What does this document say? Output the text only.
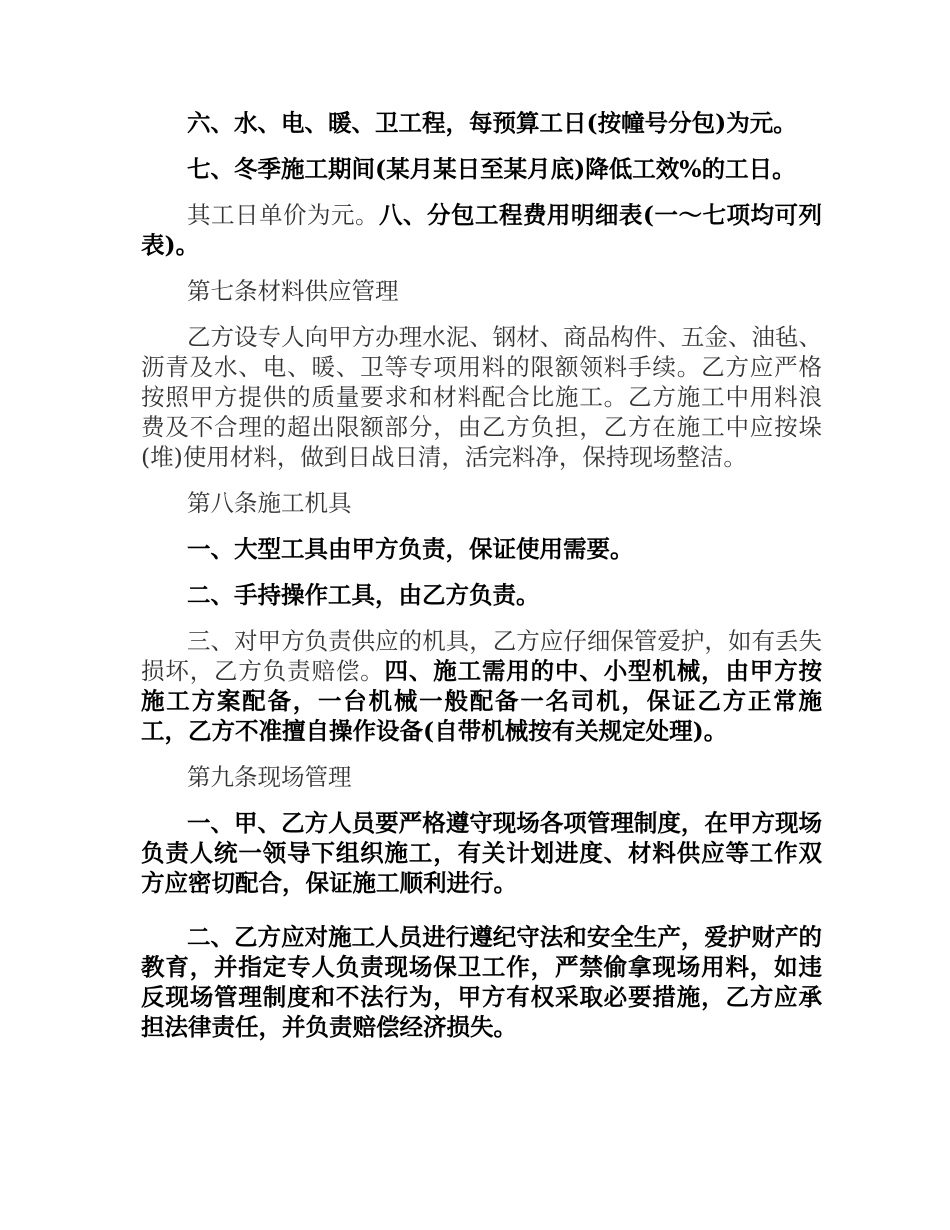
六、水、电、暖、卫工程，每预算工日(按幢号分包)为元。

七、冬季施工期间(某月某日至某月底)降低工效%的工日。

其工日单价为元。八、分包工程费用明细表(一～七项均可列表)。

第七条材料供应管理

乙方设专人向甲方办理水泥、钢材、商品构件、五金、油毡、沥青及水、电、暖、卫等专项用料的限额领料手续。乙方应严格按照甲方提供的质量要求和材料配合比施工。乙方施工中用料浪费及不合理的超出限额部分，由乙方负担，乙方在施工中应按垛(堆)使用材料，做到日战日清，活完料净，保持现场整洁。

第八条施工机具

一、大型工具由甲方负责，保证使用需要。

二、手持操作工具，由乙方负责。

三、对甲方负责供应的机具，乙方应仔细保管爱护，如有丢失损坏，乙方负责赔偿。四、施工需用的中、小型机械，由甲方按施工方案配备，一台机械一般配备一名司机，保证乙方正常施工，乙方不准擅自操作设备(自带机械按有关规定处理)。

第九条现场管理

一、甲、乙方人员要严格遵守现场各项管理制度，在甲方现场负责人统一领导下组织施工，有关计划进度、材料供应等工作双方应密切配合，保证施工顺利进行。

二、乙方应对施工人员进行遵纪守法和安全生产，爱护财产的教育，并指定专人负责现场保卫工作，严禁偷拿现场用料，如违反现场管理制度和不法行为，甲方有权采取必要措施，乙方应承担法律责任，并负责赔偿经济损失。
